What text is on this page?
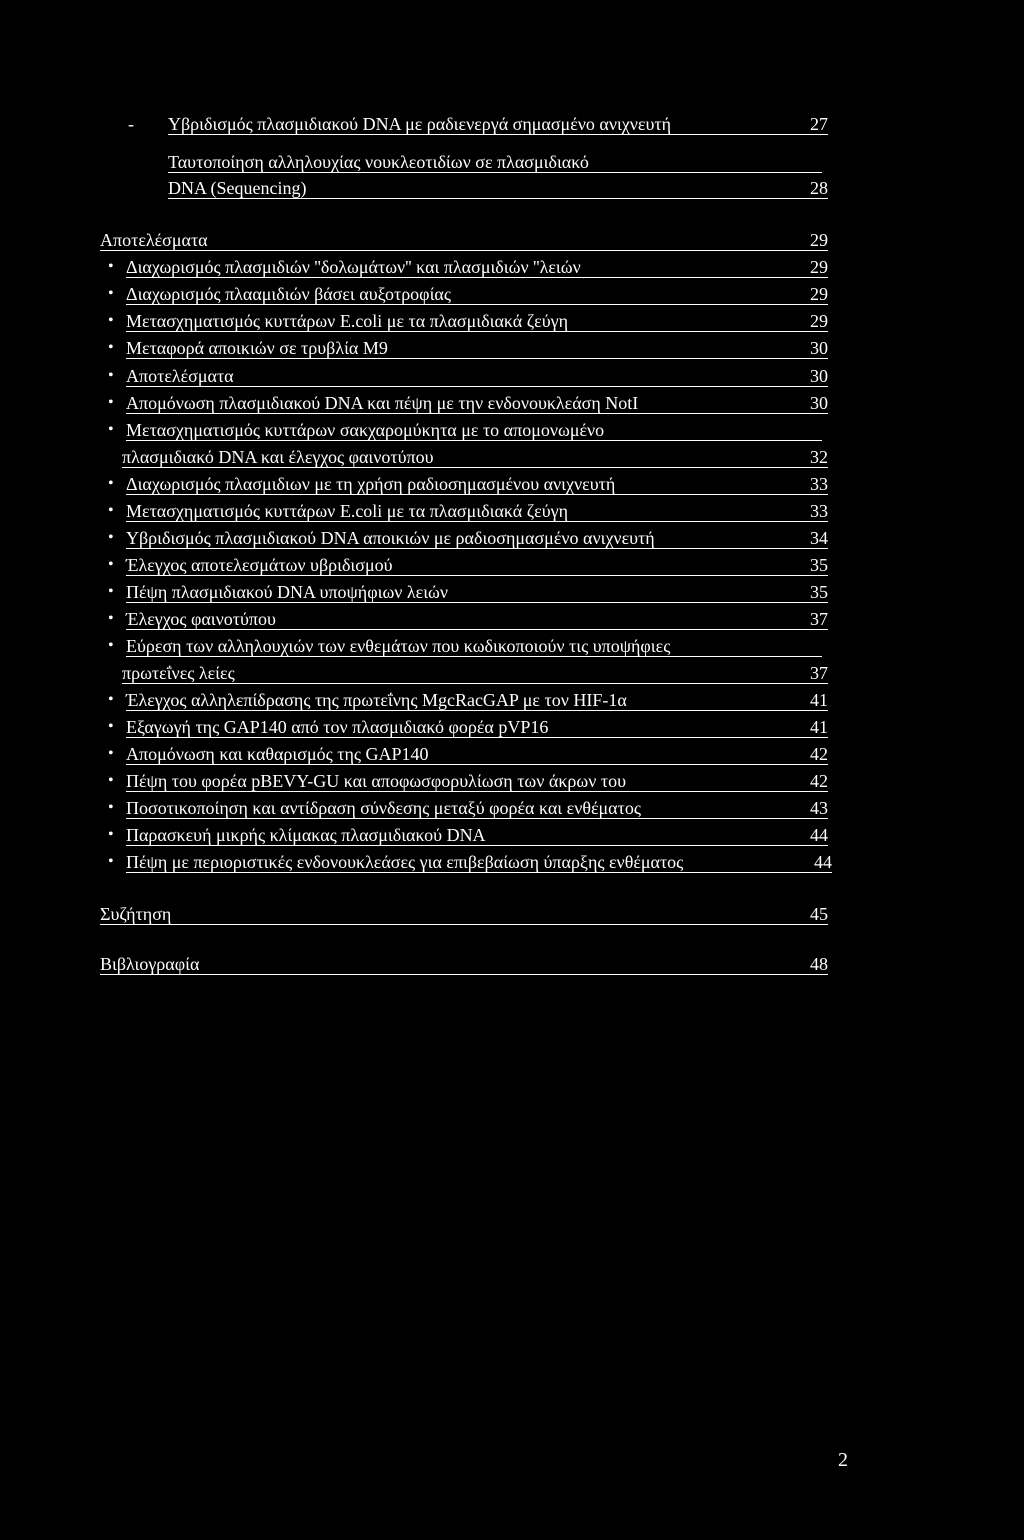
- Υβριδισμός πλασμιδιακού DNA με ραδιενεργά σημασμένο ανιχνευτή	27
Ταυτοποίηση αλληλουχίας νουκλεοτιδίων σε πλασμιδιακό
DNA (Sequencing)	28
Αποτελέσματα	29
• Διαχωρισμός πλασμιδιών ''δολωμάτων'' και πλασμιδιών ''λειών	29
• Διαχωρισμός πλααμιδιών βάσει αυξοτροφίας	29
• Μετασχηματισμός κυττάρων E.coli με τα πλασμιδιακά ζεύγη	29
• Μεταφορά αποικιών σε τρυβλία M9	30
• Αποτελέσματα	30
• Απομόνωση πλασμιδιακού DNA και πέψη με την ενδονουκλεάση NotI	30
• Μετασχηματισμός κυττάρων σακχαρομύκητα με το απομονωμένο
πλασμιδιακό DNA και έλεγχος φαινοτύπου	32
• Διαχωρισμός πλασμιδιων με τη χρήση ραδιοσημασμένου ανιχνευτή	33
• Μετασχηματισμός κυττάρων E.coli με τα πλασμιδιακά ζεύγη	33
• Υβριδισμός πλασμιδιακού DNA αποικιών με ραδιοσημασμένο ανιχνευτή	34
• Έλεγχος αποτελεσμάτων υβριδισμού	35
• Πέψη πλασμιδιακού DNA υποψήφιων λειών	35
• Έλεγχος φαινοτύπου	37
• Εύρεση των αλληλουχιών των ενθεμάτων που κωδικοποιούν τις υποψήφιες
πρωτεΐνες λείες	37
• Έλεγχος αλληλεπίδρασης της πρωτεΐνης MgcRacGAP με τον HIF-1α	41
• Εξαγωγή της GAP140 από τον πλασμιδιακό φορέα pVP16	41
• Απομόνωση και καθαρισμός της GAP140	42
• Πέψη του φορέα pBEVY-GU και αποφωσφορυλίωση των άκρων του	42
• Ποσοτικοποίηση και αντίδραση σύνδεσης μεταξύ φορέα και ενθέματος	43
• Παρασκευή μικρής κλίμακας πλασμιδιακού DNA	44
• Πέψη με περιοριστικές ενδονουκλεάσες για επιβεβαίωση ύπαρξης ενθέματος	44
Συζήτηση	45
Βιβλιογραφία	48
2
